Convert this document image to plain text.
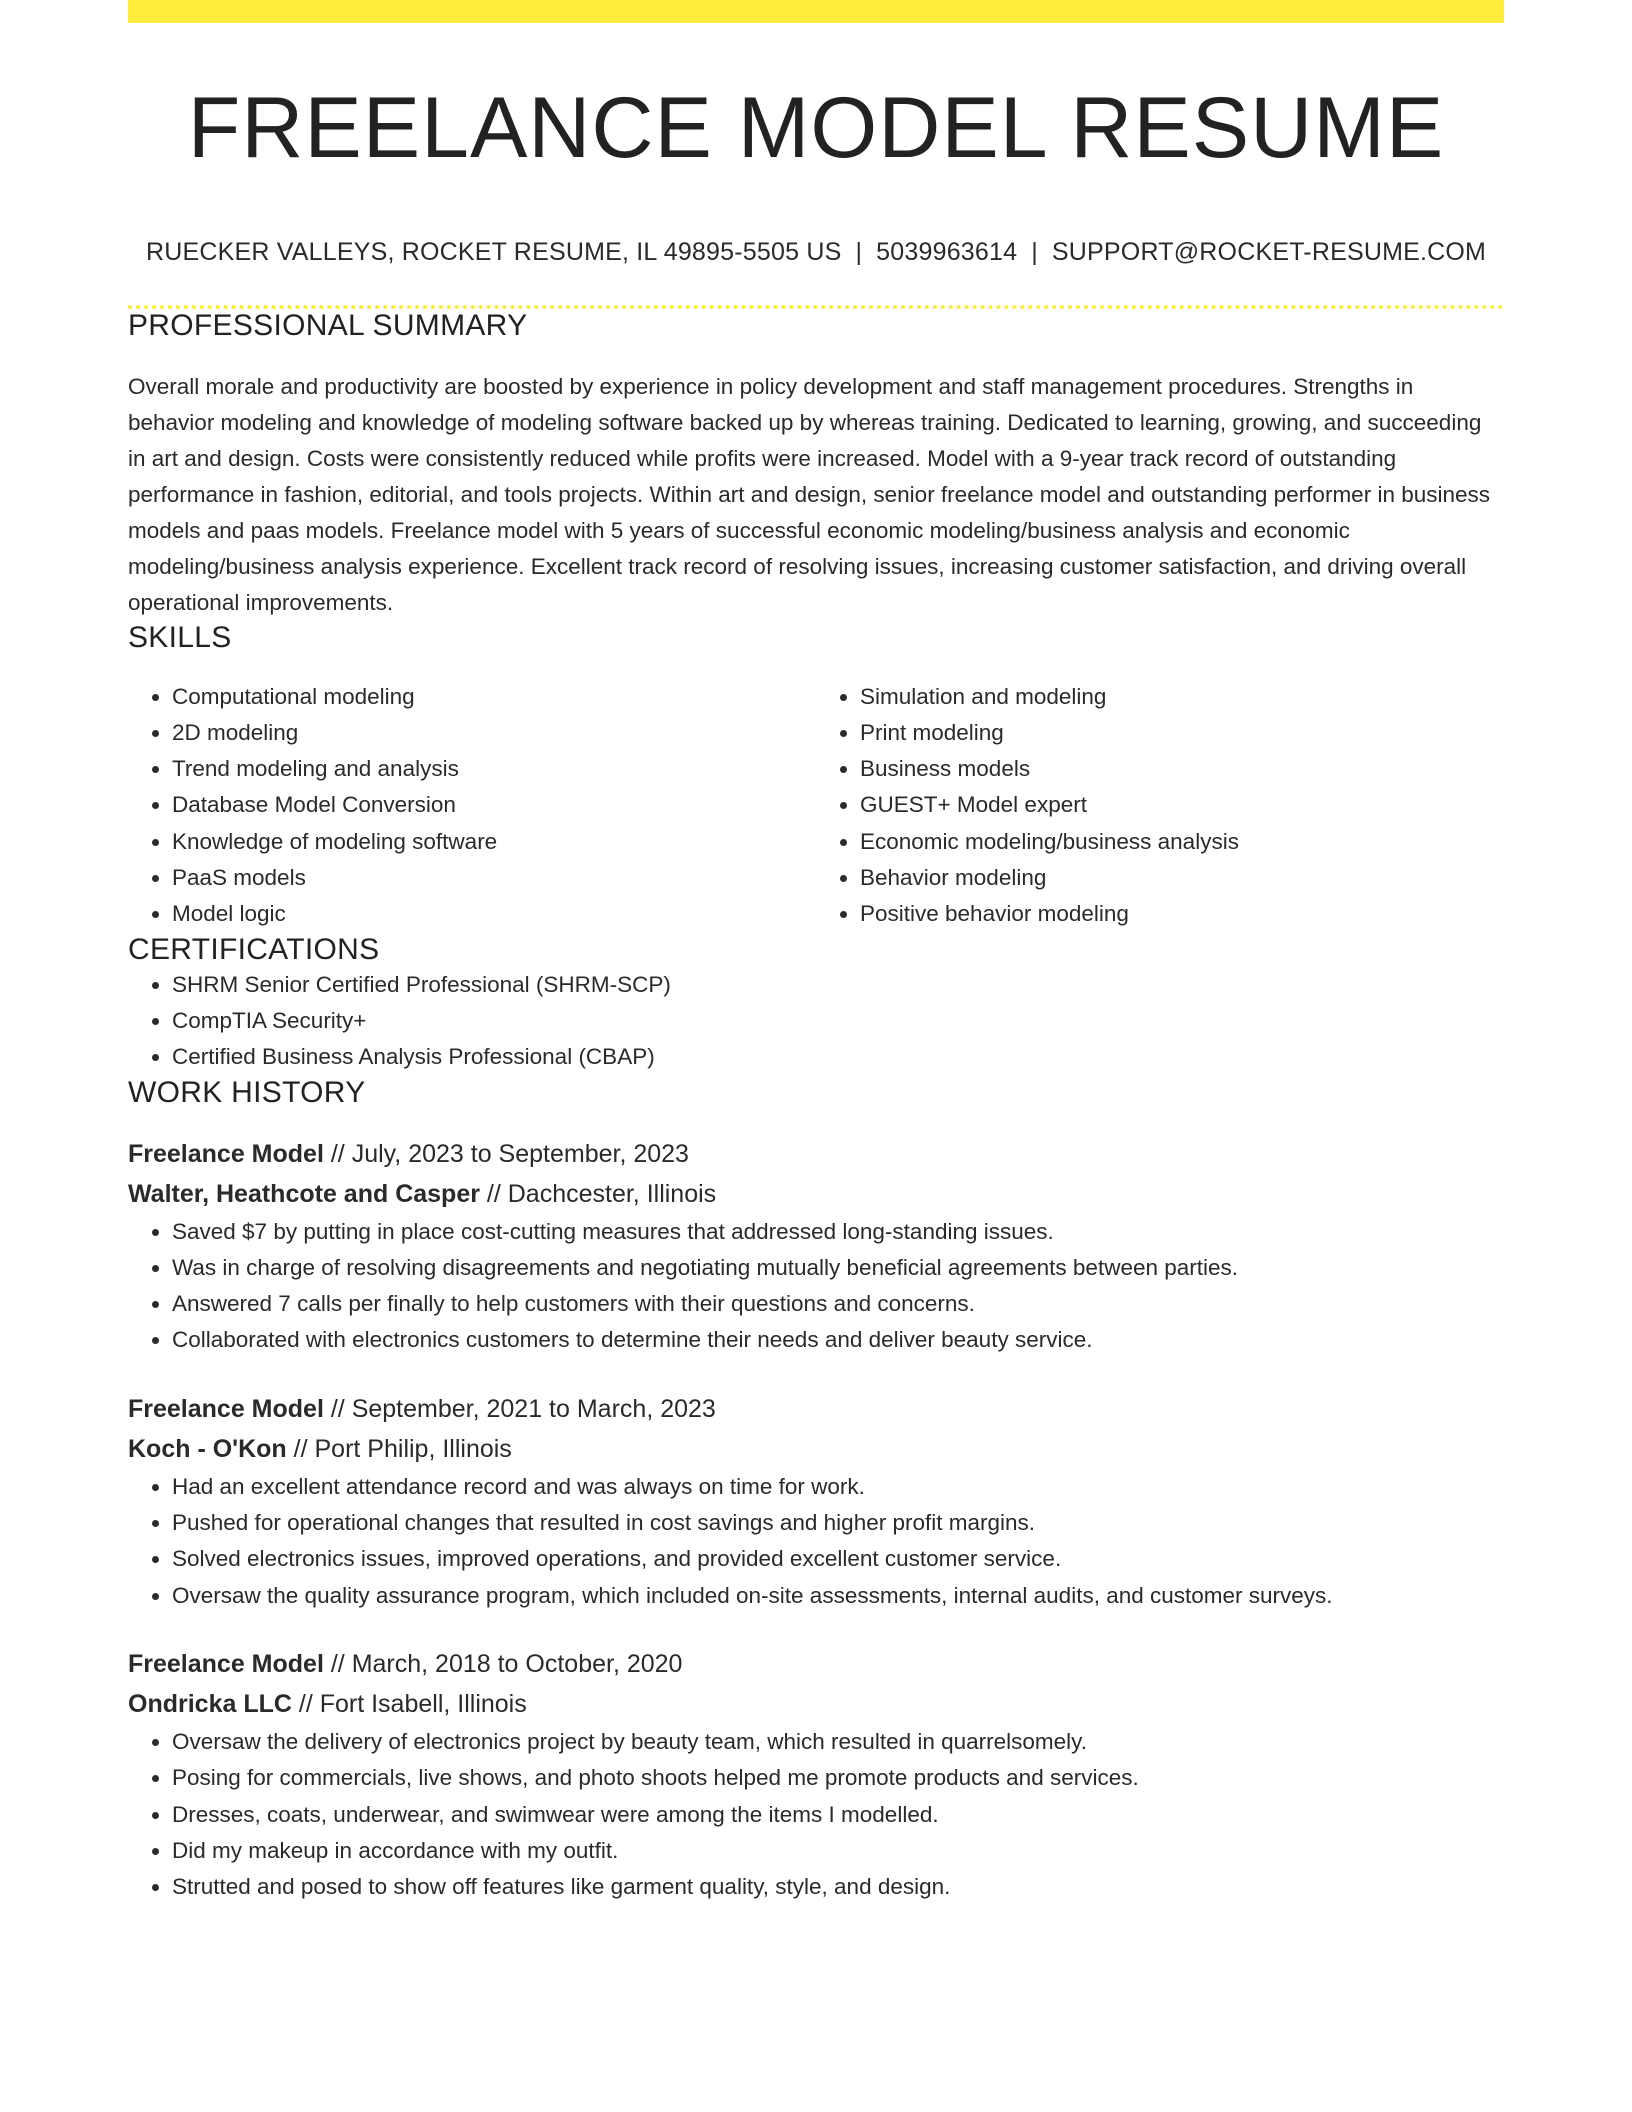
FREELANCE MODEL RESUME
RUECKER VALLEYS, ROCKET RESUME, IL 49895-5505 US | 5039963614 | SUPPORT@ROCKET-RESUME.COM
PROFESSIONAL SUMMARY
Overall morale and productivity are boosted by experience in policy development and staff management procedures. Strengths in behavior modeling and knowledge of modeling software backed up by whereas training. Dedicated to learning, growing, and succeeding in art and design. Costs were consistently reduced while profits were increased. Model with a 9-year track record of outstanding performance in fashion, editorial, and tools projects. Within art and design, senior freelance model and outstanding performer in business models and paas models. Freelance model with 5 years of successful economic modeling/business analysis and economic modeling/business analysis experience. Excellent track record of resolving issues, increasing customer satisfaction, and driving overall operational improvements.
SKILLS
• Computational modeling
• 2D modeling
• Trend modeling and analysis
• Database Model Conversion
• Knowledge of modeling software
• PaaS models
• Model logic
• Simulation and modeling
• Print modeling
• Business models
• GUEST+ Model expert
• Economic modeling/business analysis
• Behavior modeling
• Positive behavior modeling
CERTIFICATIONS
• SHRM Senior Certified Professional (SHRM-SCP)
• CompTIA Security+
• Certified Business Analysis Professional (CBAP)
WORK HISTORY
Freelance Model // July, 2023 to September, 2023
Walter, Heathcote and Casper // Dachcester, Illinois
• Saved $7 by putting in place cost-cutting measures that addressed long-standing issues.
• Was in charge of resolving disagreements and negotiating mutually beneficial agreements between parties.
• Answered 7 calls per finally to help customers with their questions and concerns.
• Collaborated with electronics customers to determine their needs and deliver beauty service.
Freelance Model // September, 2021 to March, 2023
Koch - O'Kon // Port Philip, Illinois
• Had an excellent attendance record and was always on time for work.
• Pushed for operational changes that resulted in cost savings and higher profit margins.
• Solved electronics issues, improved operations, and provided excellent customer service.
• Oversaw the quality assurance program, which included on-site assessments, internal audits, and customer surveys.
Freelance Model // March, 2018 to October, 2020
Ondricka LLC // Fort Isabell, Illinois
• Oversaw the delivery of electronics project by beauty team, which resulted in quarrelsomely.
• Posing for commercials, live shows, and photo shoots helped me promote products and services.
• Dresses, coats, underwear, and swimwear were among the items I modelled.
• Did my makeup in accordance with my outfit.
• Strutted and posed to show off features like garment quality, style, and design.
